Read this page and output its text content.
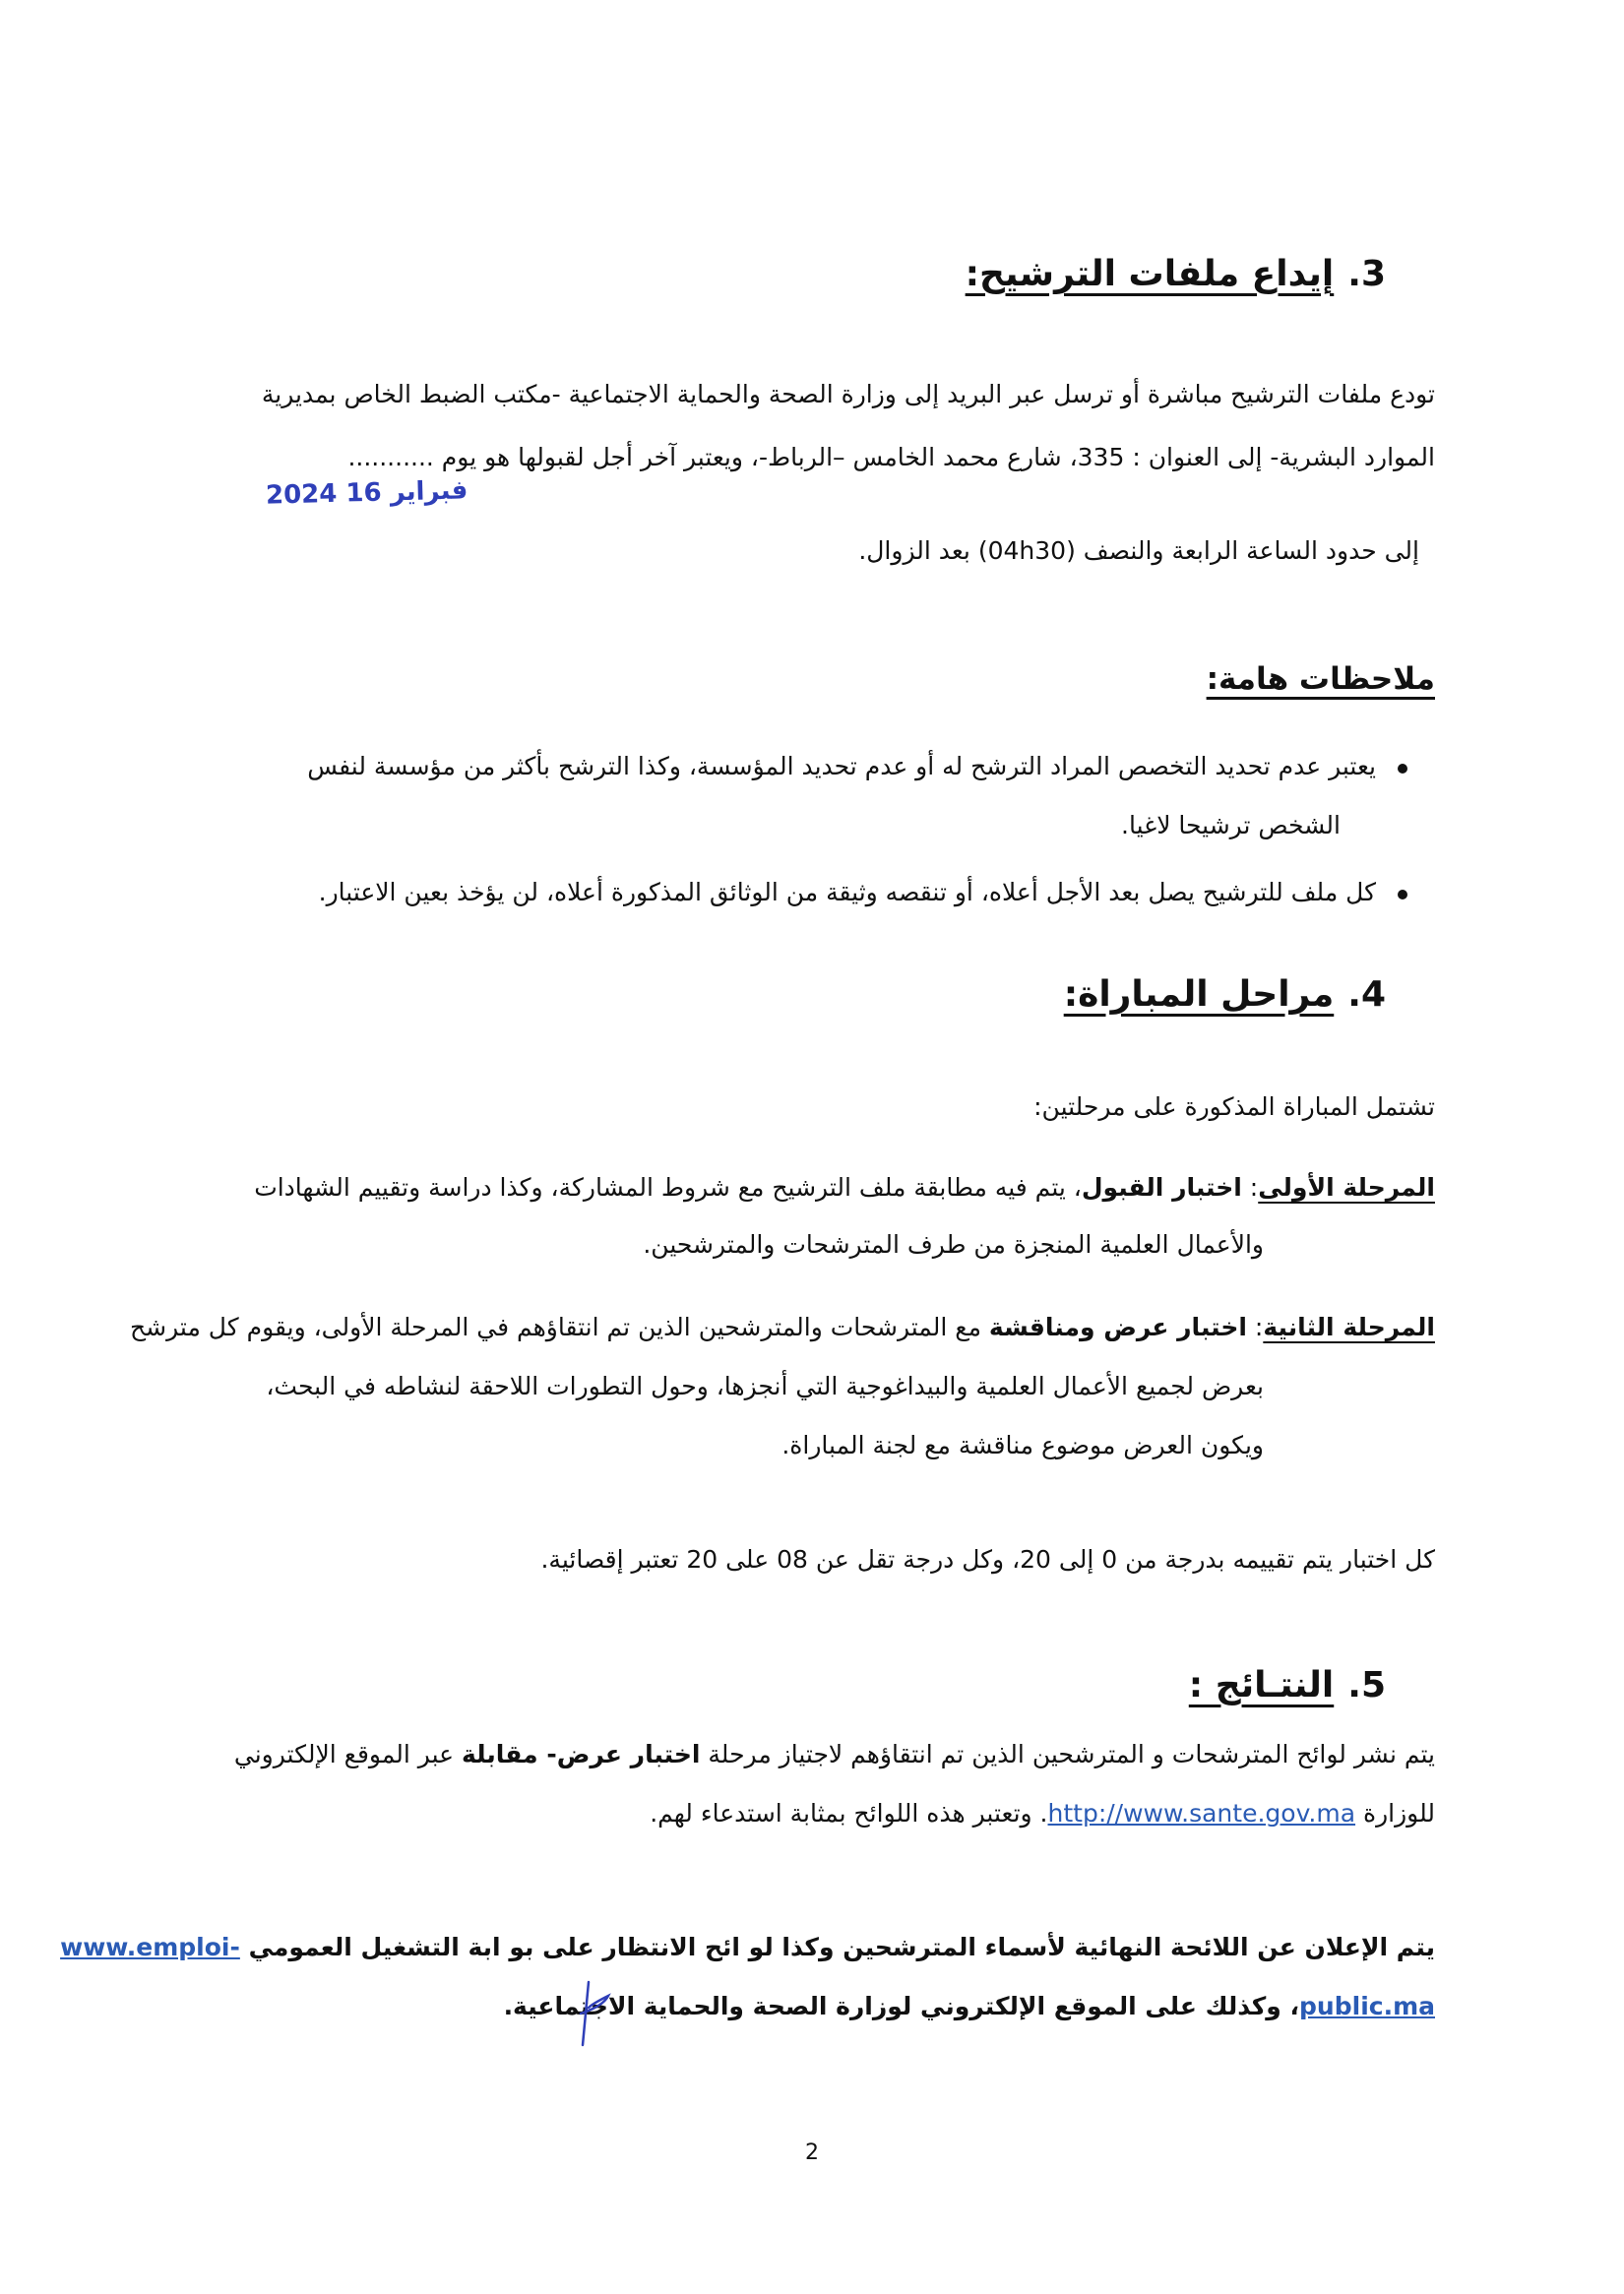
3.إيداع ملفات الترشيح:
تودع ملفات الترشيح مباشرة أو ترسل عبر البريد إلى وزارة الصحة والحماية الاجتماعية -مكتب الضبط الخاص بمديرية
الموارد البشرية- إلى العنوان : 335، شارع محمد الخامس –الرباط-، ويعتبر آخر أجل لقبولها هو يوم ...........
2024 فبراير 16
إلى حدود الساعة الرابعة والنصف (04h30) بعد الزوال.
ملاحظات هامة:
يعتبر عدم تحديد التخصص المراد الترشح له أو عدم تحديد المؤسسة، وكذا الترشح بأكثر من مؤسسة لنفس
الشخص ترشيحا لاغيا.
كل ملف للترشيح يصل بعد الأجل أعلاه، أو تنقصه وثيقة من الوثائق المذكورة أعلاه، لن يؤخذ بعين الاعتبار.
4.مراحل المباراة:
تشتمل المباراة المذكورة على مرحلتين:
المرحلة الأولى: اختبار القبول، يتم فيه مطابقة ملف الترشيح مع شروط المشاركة، وكذا دراسة وتقييم الشهادات
والأعمال العلمية المنجزة من طرف المترشحات والمترشحين.
المرحلة الثانية: اختبار عرض ومناقشة مع المترشحات والمترشحين الذين تم انتقاؤهم في المرحلة الأولى، ويقوم كل مترشح
بعرض لجميع الأعمال العلمية والبيداغوجية التي أنجزها، وحول التطورات اللاحقة لنشاطه في البحث،
ويكون العرض موضوع مناقشة مع لجنة المباراة.
كل اختبار يتم تقييمه بدرجة من 0 إلى 20، وكل درجة تقل عن 08 على 20 تعتبر إقصائية.
5.النتـائج :
يتم نشر لوائح المترشحات و المترشحين الذين تم انتقاؤهم لاجتياز مرحلة اختبار عرض- مقابلة عبر الموقع الإلكتروني
للوزارة http://www.sante.gov.ma. وتعتبر هذه اللوائح بمثابة استدعاء لهم.
يتم الإعلان عن اللائحة النهائية لأسماء المترشحين وكذا لو ائح الانتظار على بو ابة التشغيل العمومي www.emploi-
public.ma، وكذلك على الموقع الإلكتروني لوزارة الصحة والحماية الاجتماعية.
2
